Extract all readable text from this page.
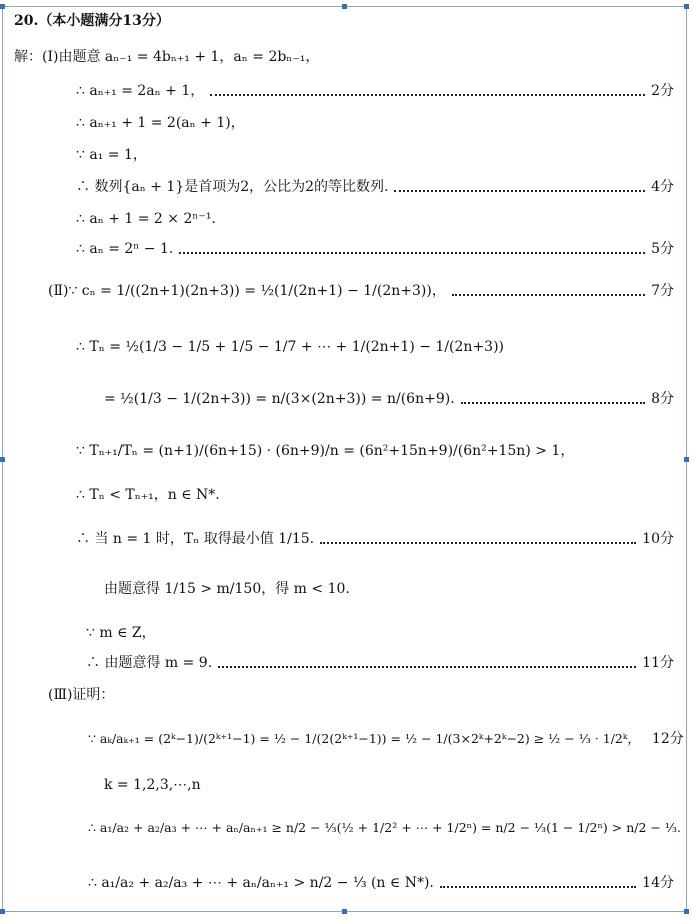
20.（本小题满分13分）
解：(Ⅰ)由题意 aₙ₋₁ = 4bₙ₊₁ + 1，aₙ = 2bₙ₋₁，
∴ aₙ₊₁ = 2aₙ + 1，	2分
∴ aₙ₊₁ + 1 = 2(aₙ + 1)，
∵ a₁ = 1，
∴ 数列{aₙ + 1}是首项为2，公比为2的等比数列.	4分
∴ aₙ + 1 = 2 × 2ⁿ⁻¹.
∴ aₙ = 2ⁿ − 1.	5分
(Ⅱ)∵ cₙ = 1/((2n+1)(2n+3)) = ½(1/(2n+1) − 1/(2n+3))，	7分
∴ Tₙ = ½(1/3 − 1/5 + 1/5 − 1/7 + ⋯ + 1/(2n+1) − 1/(2n+3))
= ½(1/3 − 1/(2n+3)) = n/(3×(2n+3)) = n/(6n+9).	8分
∵ Tₙ₊₁/Tₙ = (n+1)/(6n+15) · (6n+9)/n = (6n²+15n+9)/(6n²+15n) > 1，
∴ Tₙ < Tₙ₊₁，n ∈ N*.
∴ 当 n = 1 时，Tₙ 取得最小值 1/15.	10分
由题意得 1/15 > m/150，得 m < 10.
∵ m ∈ Z，
∴ 由题意得 m = 9.	11分
(Ⅲ)证明：
∵ aₖ/aₖ₊₁ = (2ᵏ−1)/(2ᵏ⁺¹−1) = ½ − 1/(2(2ᵏ⁺¹−1)) = ½ − 1/(3×2ᵏ+2ᵏ−2) ≥ ½ − ⅓ · 1/2ᵏ， 12分
k = 1,2,3,⋯,n
∴ a₁/a₂ + a₂/a₃ + ⋯ + aₙ/aₙ₊₁ ≥ n/2 − ⅓(½ + 1/2² + ⋯ + 1/2ⁿ) = n/2 − ⅓(1 − 1/2ⁿ) > n/2 − ⅓.
∴ a₁/a₂ + a₂/a₃ + ⋯ + aₙ/aₙ₊₁ > n/2 − ⅓ (n ∈ N*).	14分
